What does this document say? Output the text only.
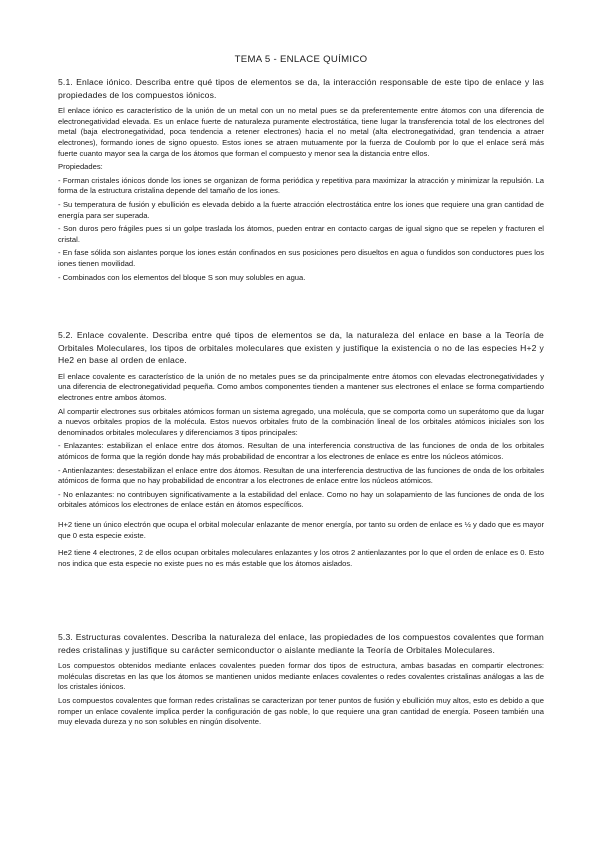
TEMA 5 - ENLACE QUÍMICO

5.1. Enlace iónico. Describa entre qué tipos de elementos se da, la interacción responsable de este tipo de enlace y las propiedades de los compuestos iónicos.

El enlace iónico es característico de la unión de un metal con un no metal pues se da preferentemente entre átomos con una diferencia de electronegatividad elevada. Es un enlace fuerte de naturaleza puramente electrostática, tiene lugar la transferencia total de los electrones del metal (baja electronegatividad, poca tendencia a retener electrones) hacia el no metal (alta electronegatividad, gran tendencia a atraer electrones), formando iones de signo opuesto. Estos iones se atraen mutuamente por la fuerza de Coulomb por lo que el enlace será más fuerte cuanto mayor sea la carga de los átomos que forman el compuesto y menor sea la distancia entre ellos.

Propiedades:

- Forman cristales iónicos donde los iones se organizan de forma periódica y repetitiva para maximizar la atracción y minimizar la repulsión. La forma de la estructura cristalina depende del tamaño de los iones.
- Su temperatura de fusión y ebullición es elevada debido a la fuerte atracción electrostática entre los iones que requiere una gran cantidad de energía para ser superada.
- Son duros pero frágiles pues si un golpe traslada los átomos, pueden entrar en contacto cargas de igual signo que se repelen y fracturen el cristal.
- En fase sólida son aislantes porque los iones están confinados en sus posiciones pero disueltos en agua o fundidos son conductores pues los iones tienen movilidad.
- Combinados con los elementos del bloque S son muy solubles en agua.

5.2. Enlace covalente. Describa entre qué tipos de elementos se da, la naturaleza del enlace en base a la Teoría de Orbitales Moleculares, los tipos de orbitales moleculares que existen y justifique la existencia o no de las especies H+2 y He2 en base al orden de enlace.

El enlace covalente es característico de la unión de no metales pues se da principalmente entre átomos con elevadas electronegatividades y una diferencia de electronegatividad pequeña. Como ambos componentes tienden a mantener sus electrones el enlace se forma compartiendo electrones entre ambos átomos.

Al compartir electrones sus orbitales atómicos forman un sistema agregado, una molécula, que se comporta como un superátomo que da lugar a nuevos orbitales propios de la molécula. Estos nuevos orbitales fruto de la combinación lineal de los orbitales atómicos iniciales son los denominados orbitales moleculares y diferenciamos 3 tipos principales:

- Enlazantes: estabilizan el enlace entre dos átomos. Resultan de una interferencia constructiva de las funciones de onda de los orbitales atómicos de forma que la región donde hay más probabilidad de encontrar a los electrones de enlace es entre los núcleos atómicos.
- Antienlazantes: desestabilizan el enlace entre dos átomos. Resultan de una interferencia destructiva de las funciones de onda de los orbitales atómicos de forma que no hay probabilidad de encontrar a los electrones de enlace entre los núcleos atómicos.
- No enlazantes: no contribuyen significativamente a la estabilidad del enlace. Como no hay un solapamiento de las funciones de onda de los orbitales atómicos los electrones de enlace están en átomos específicos.

H+2 tiene un único electrón que ocupa el orbital molecular enlazante de menor energía, por tanto su orden de enlace es ½ y dado que es mayor que 0 esta especie existe.

He2 tiene 4 electrones, 2 de ellos ocupan orbitales moleculares enlazantes y los otros 2 antienlazantes por lo que el orden de enlace es 0. Esto nos indica que esta especie no existe pues no es más estable que los átomos aislados.

5.3. Estructuras covalentes. Describa la naturaleza del enlace, las propiedades de los compuestos covalentes que forman redes cristalinas y justifique su carácter semiconductor o aislante mediante la Teoría de Orbitales Moleculares.

Los compuestos obtenidos mediante enlaces covalentes pueden formar dos tipos de estructura, ambas basadas en compartir electrones: moléculas discretas en las que los átomos se mantienen unidos mediante enlaces covalentes o redes covalentes cristalinas análogas a las de los cristales iónicos.

Los compuestos covalentes que forman redes cristalinas se caracterizan por tener puntos de fusión y ebullición muy altos, esto es debido a que romper un enlace covalente implica perder la configuración de gas noble, lo que requiere una gran cantidad de energía. Poseen también una muy elevada dureza y no son solubles en ningún disolvente.
